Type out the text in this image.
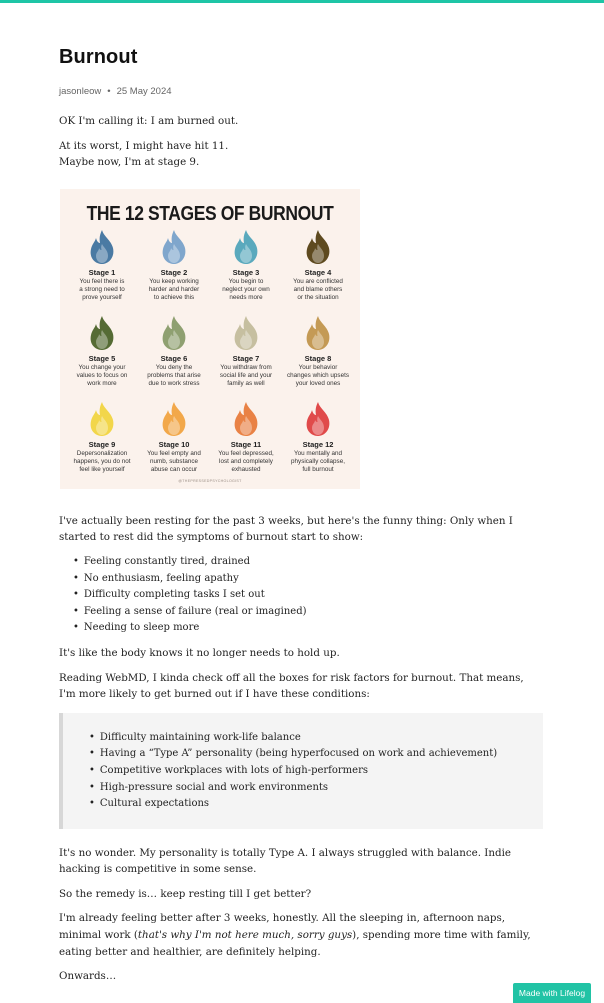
Burnout
jasonleow • 25 May 2024

OK I'm calling it: I am burned out.

At its worst, I might have hit 11.
Maybe now, I'm at stage 9.

THE 12 STAGES OF BURNOUT
Stage 1
You feel there is
a strong need to
prove yourself
Stage 2
You keep working
harder and harder
to achieve this
Stage 3
You begin to
neglect your own
needs more
Stage 4
You are conflicted
and blame others
or the situation
Stage 5
You change your
values to focus on
work more
Stage 6
You deny the
problems that arise
due to work stress
Stage 7
You withdraw from
social life and your
family as well
Stage 8
Your behavior
changes which upsets
your loved ones
Stage 9
Depersonalization
happens, you do not
feel like yourself
Stage 10
You feel empty and
numb, substance
abuse can occur
Stage 11
You feel depressed,
lost and completely
exhausted
Stage 12
You mentally and
physically collapse,
full burnout
@THEPRESSEDPSYCHOLOGIST

I've actually been resting for the past 3 weeks, but here's the funny thing: Only when I started to rest did the symptoms of burnout start to show:

• Feeling constantly tired, drained
• No enthusiasm, feeling apathy
• Difficulty completing tasks I set out
• Feeling a sense of failure (real or imagined)
• Needing to sleep more

It's like the body knows it no longer needs to hold up.

Reading WebMD, I kinda check off all the boxes for risk factors for burnout. That means, I'm more likely to get burned out if I have these conditions:

• Difficulty maintaining work-life balance
• Having a “Type A” personality (being hyperfocused on work and achievement)
• Competitive workplaces with lots of high-performers
• High-pressure social and work environments
• Cultural expectations

It's no wonder. My personality is totally Type A. I always struggled with balance. Indie hacking is competitive in some sense.

So the remedy is… keep resting till I get better?

I'm already feeling better after 3 weeks, honestly. All the sleeping in, afternoon naps, minimal work (that's why I'm not here much, sorry guys), spending more time with family, eating better and healthier, are definitely helping.

Onwards…

Made with Lifelog
